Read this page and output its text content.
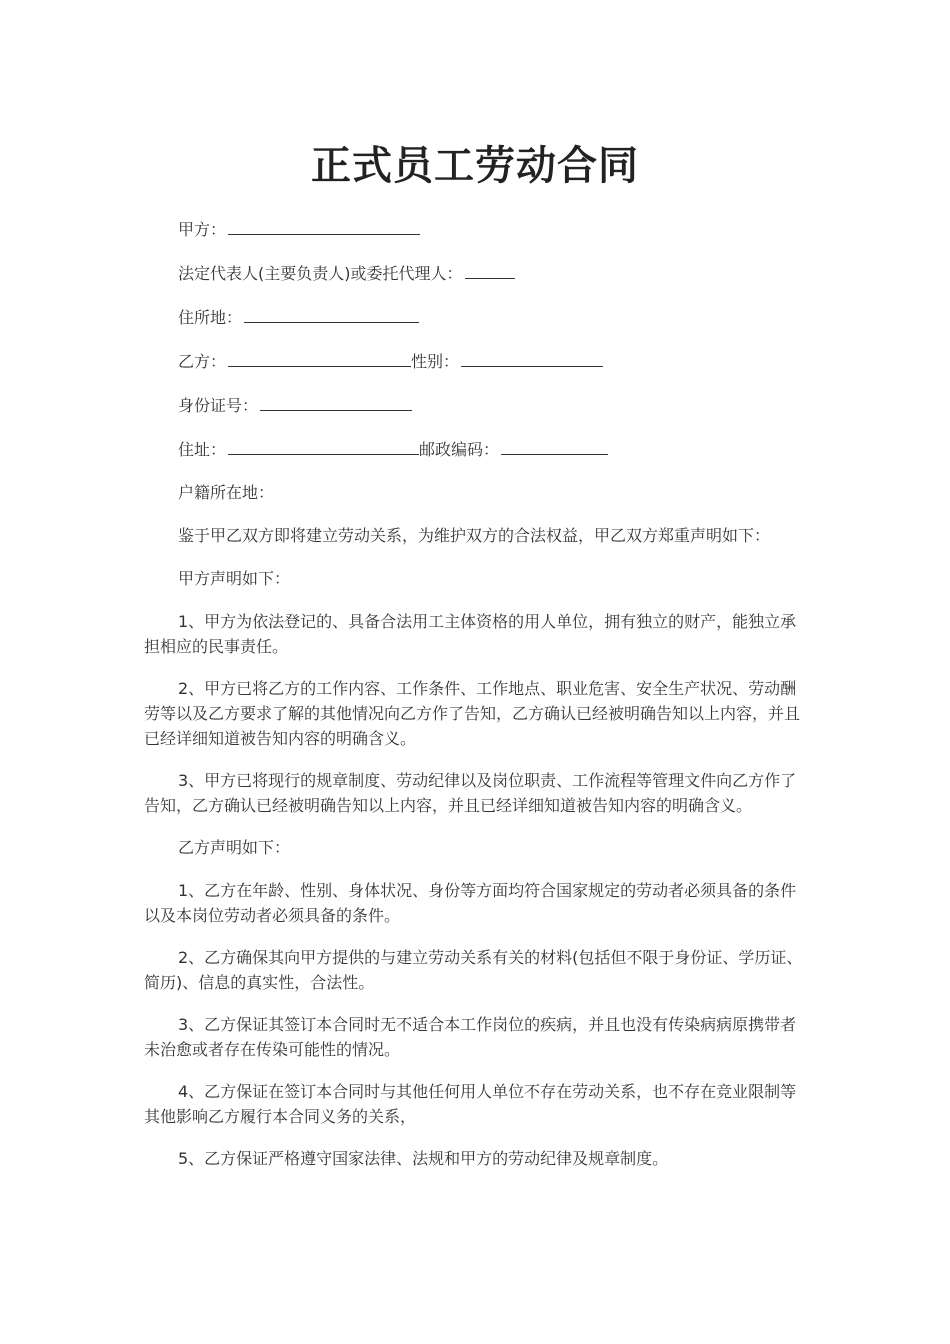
正式员工劳动合同
甲方：
法定代表人(主要负责人)或委托代理人：
住所地：
乙方：	性别：
身份证号：
住址：	邮政编码：
户籍所在地：
鉴于甲乙双方即将建立劳动关系，为维护双方的合法权益，甲乙双方郑重声明如下：
甲方声明如下：

1、甲方为依法登记的、具备合法用工主体资格的用人单位，拥有独立的财产，能独立承担相应的民事责任。

2、甲方已将乙方的工作内容、工作条件、工作地点、职业危害、安全生产状况、劳动酬劳等以及乙方要求了解的其他情况向乙方作了告知，乙方确认已经被明确告知以上内容，并且已经详细知道被告知内容的明确含义。

3、甲方已将现行的规章制度、劳动纪律以及岗位职责、工作流程等管理文件向乙方作了告知，乙方确认已经被明确告知以上内容，并且已经详细知道被告知内容的明确含义。

乙方声明如下：

1、乙方在年龄、性别、身体状况、身份等方面均符合国家规定的劳动者必须具备的条件以及本岗位劳动者必须具备的条件。

2、乙方确保其向甲方提供的与建立劳动关系有关的材料(包括但不限于身份证、学历证、简历)、信息的真实性，合法性。

3、乙方保证其签订本合同时无不适合本工作岗位的疾病，并且也没有传染病病原携带者未治愈或者存在传染可能性的情况。

4、乙方保证在签订本合同时与其他任何用人单位不存在劳动关系，也不存在竞业限制等其他影响乙方履行本合同义务的关系，

5、乙方保证严格遵守国家法律、法规和甲方的劳动纪律及规章制度。
